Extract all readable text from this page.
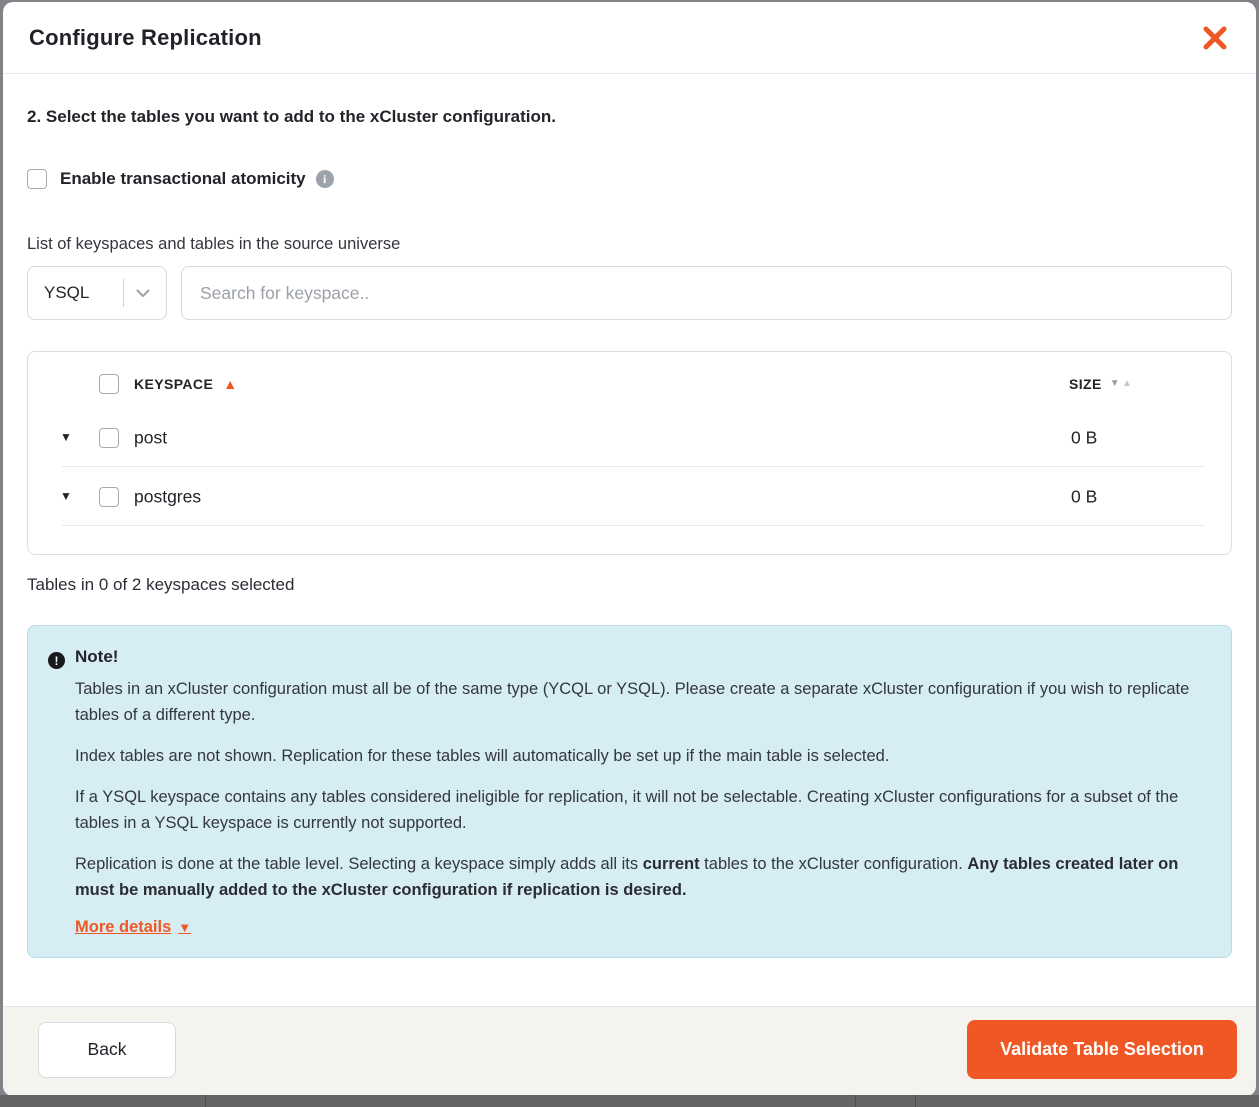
Configure Replication
2. Select the tables you want to add to the xCluster configuration.
Enable transactional atomicity	i
List of keyspaces and tables in the source universe
YSQL
Search for keyspace..
KEYSPACE ▲	SIZE ▼ ▲
▼	post	0 B
▼	postgres	0 B
Tables in 0 of 2 keyspaces selected
! Note!

Tables in an xCluster configuration must all be of the same type (YCQL or YSQL). Please create a separate xCluster configuration if you wish to replicate tables of a different type.

Index tables are not shown. Replication for these tables will automatically be set up if the main table is selected.

If a YSQL keyspace contains any tables considered ineligible for replication, it will not be selectable. Creating xCluster configurations for a subset of the tables in a YSQL keyspace is currently not supported.

Replication is done at the table level. Selecting a keyspace simply adds all its current tables to the xCluster configuration. Any tables created later on must be manually added to the xCluster configuration if replication is desired.

More details ▼
Back	Validate Table Selection
